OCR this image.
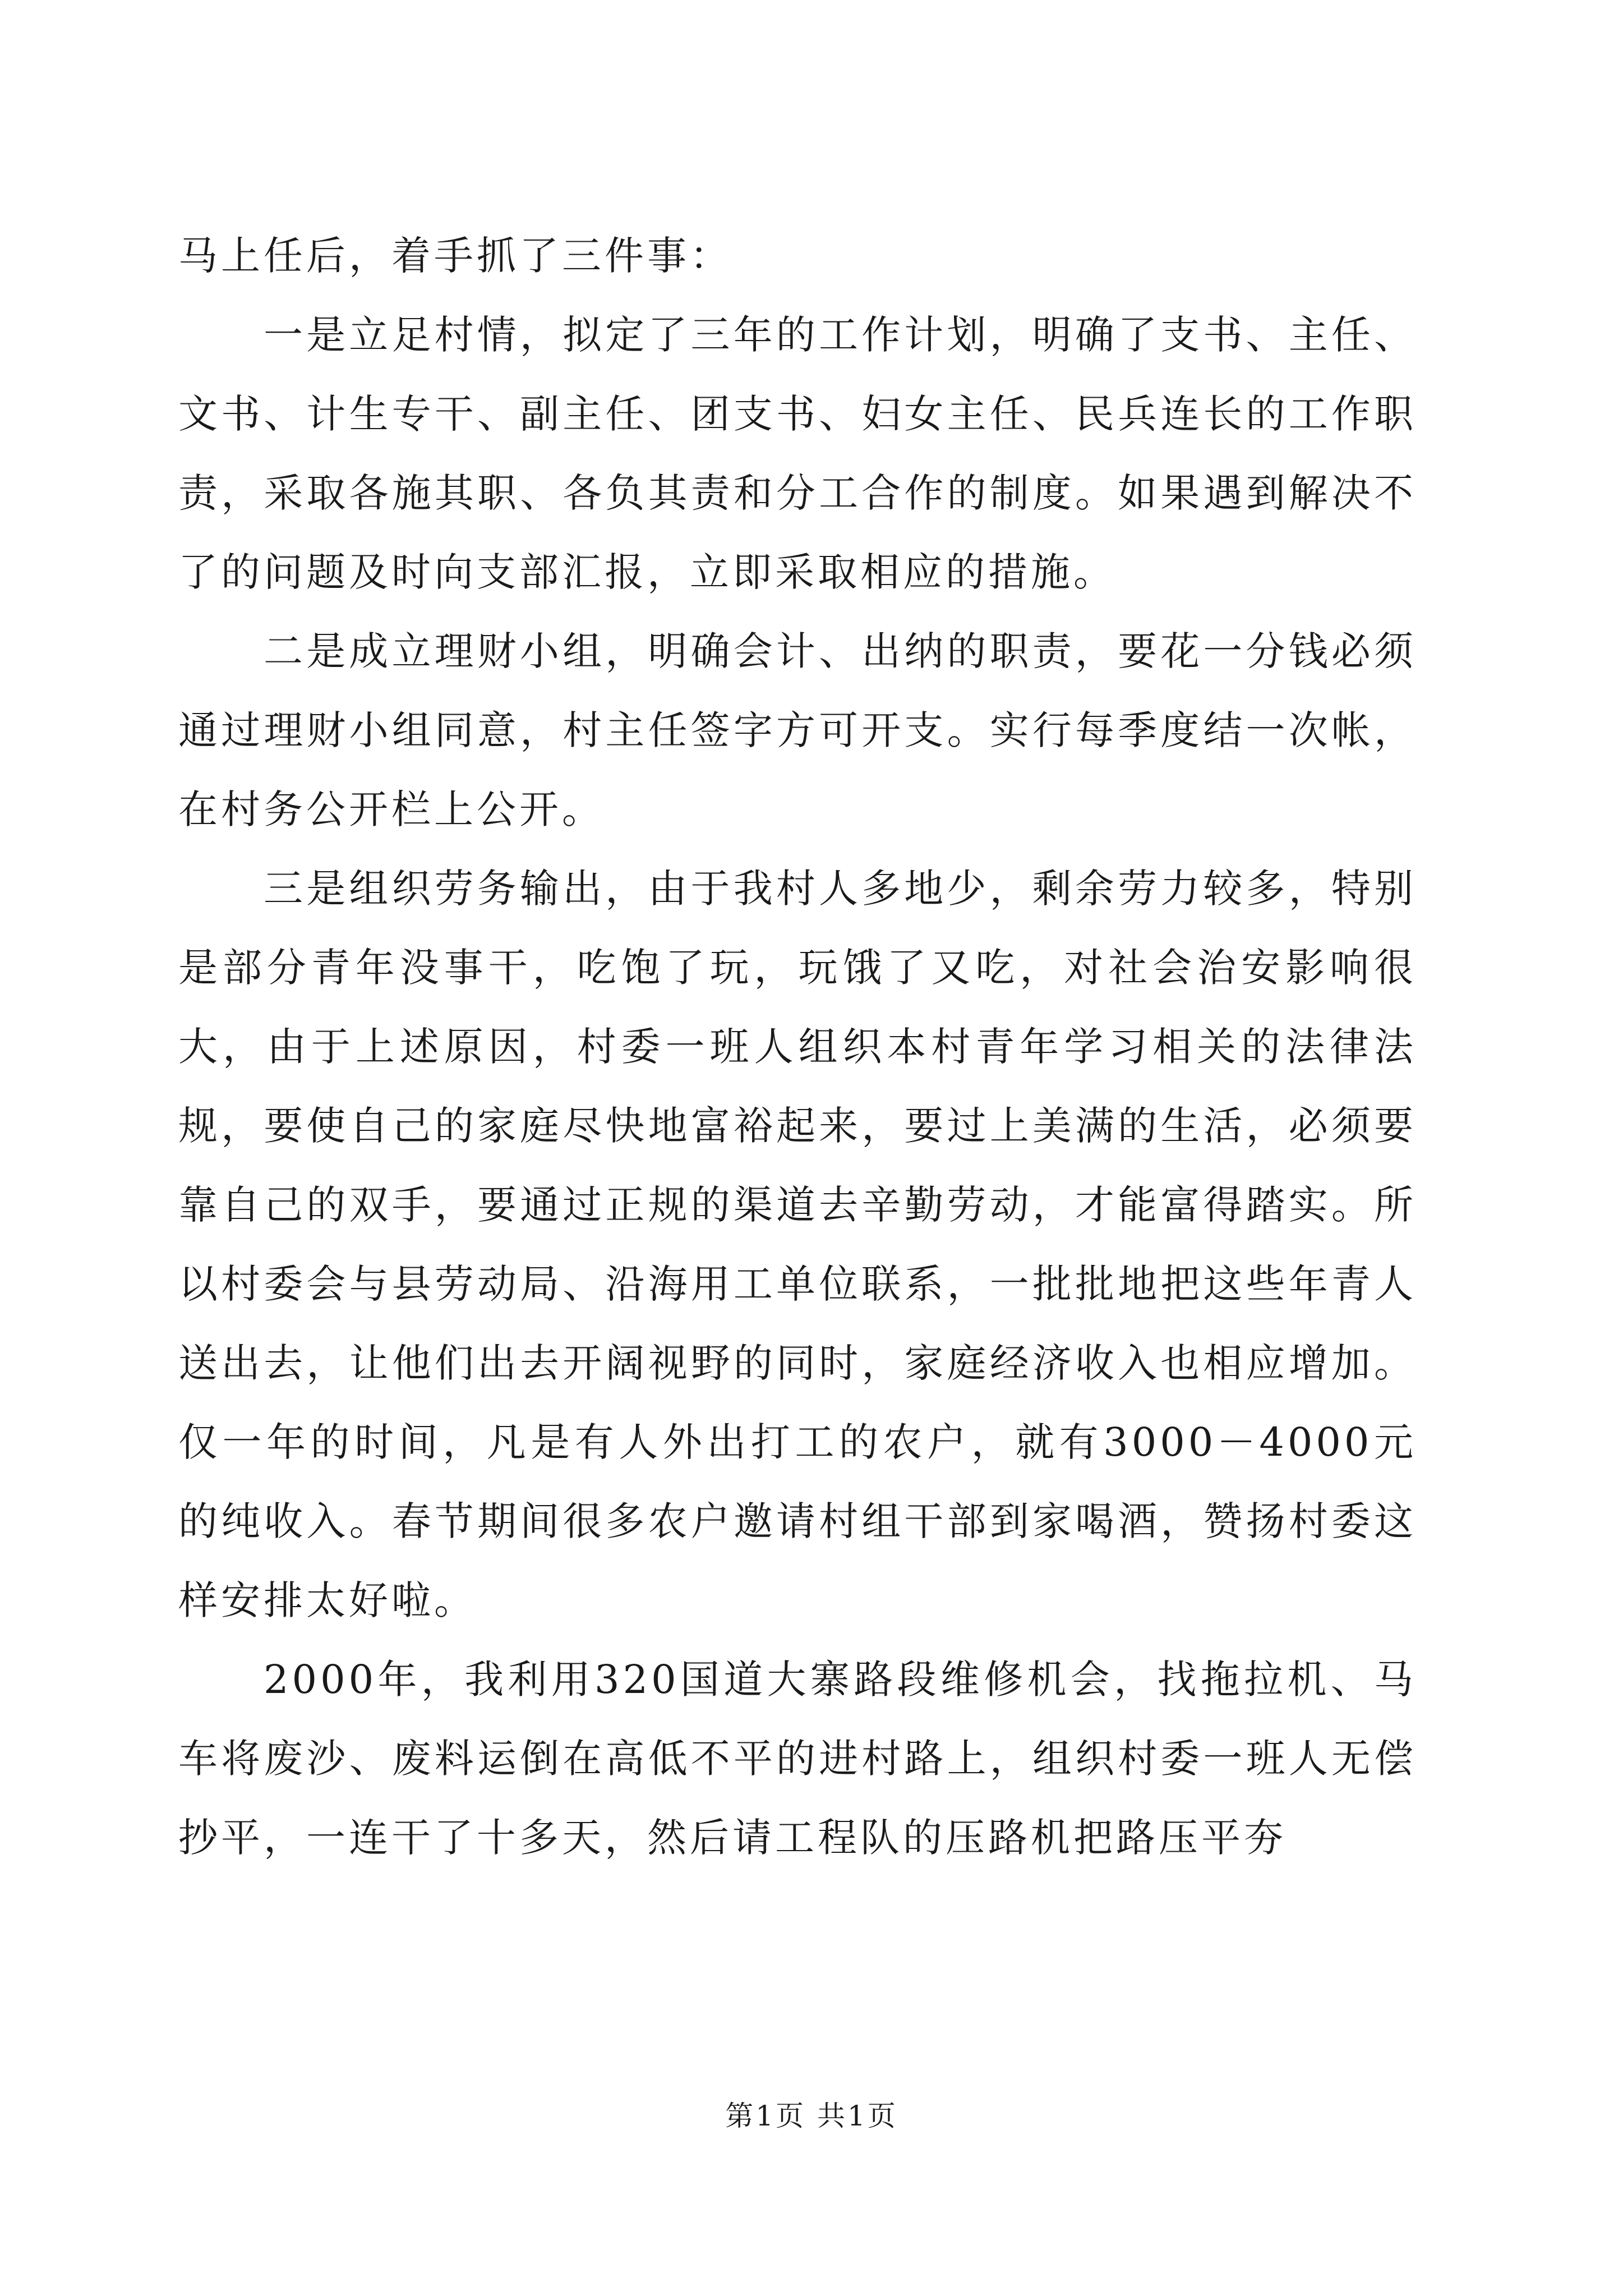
马上任后，着手抓了三件事：

一是立足村情，拟定了三年的工作计划，明确了支书、主任、文书、计生专干、副主任、团支书、妇女主任、民兵连长的工作职责，采取各施其职、各负其责和分工合作的制度。如果遇到解决不了的问题及时向支部汇报，立即采取相应的措施。

二是成立理财小组，明确会计、出纳的职责，要花一分钱必须通过理财小组同意，村主任签字方可开支。实行每季度结一次帐，在村务公开栏上公开。

三是组织劳务输出，由于我村人多地少，剩余劳力较多，特别是部分青年没事干，吃饱了玩，玩饿了又吃，对社会治安影响很大，由于上述原因，村委一班人组织本村青年学习相关的法律法规，要使自己的家庭尽快地富裕起来，要过上美满的生活，必须要靠自己的双手，要通过正规的渠道去辛勤劳动，才能富得踏实。所以村委会与县劳动局、沿海用工单位联系，一批批地把这些年青人送出去，让他们出去开阔视野的同时，家庭经济收入也相应增加。仅一年的时间，凡是有人外出打工的农户，就有3000－4000元的纯收入。春节期间很多农户邀请村组干部到家喝酒，赞扬村委这样安排太好啦。

2000年，我利用320国道大寨路段维修机会，找拖拉机、马车将废沙、废料运倒在高低不平的进村路上，组织村委一班人无偿抄平，一连干了十多天，然后请工程队的压路机把路压平夯

第1页 共1页
